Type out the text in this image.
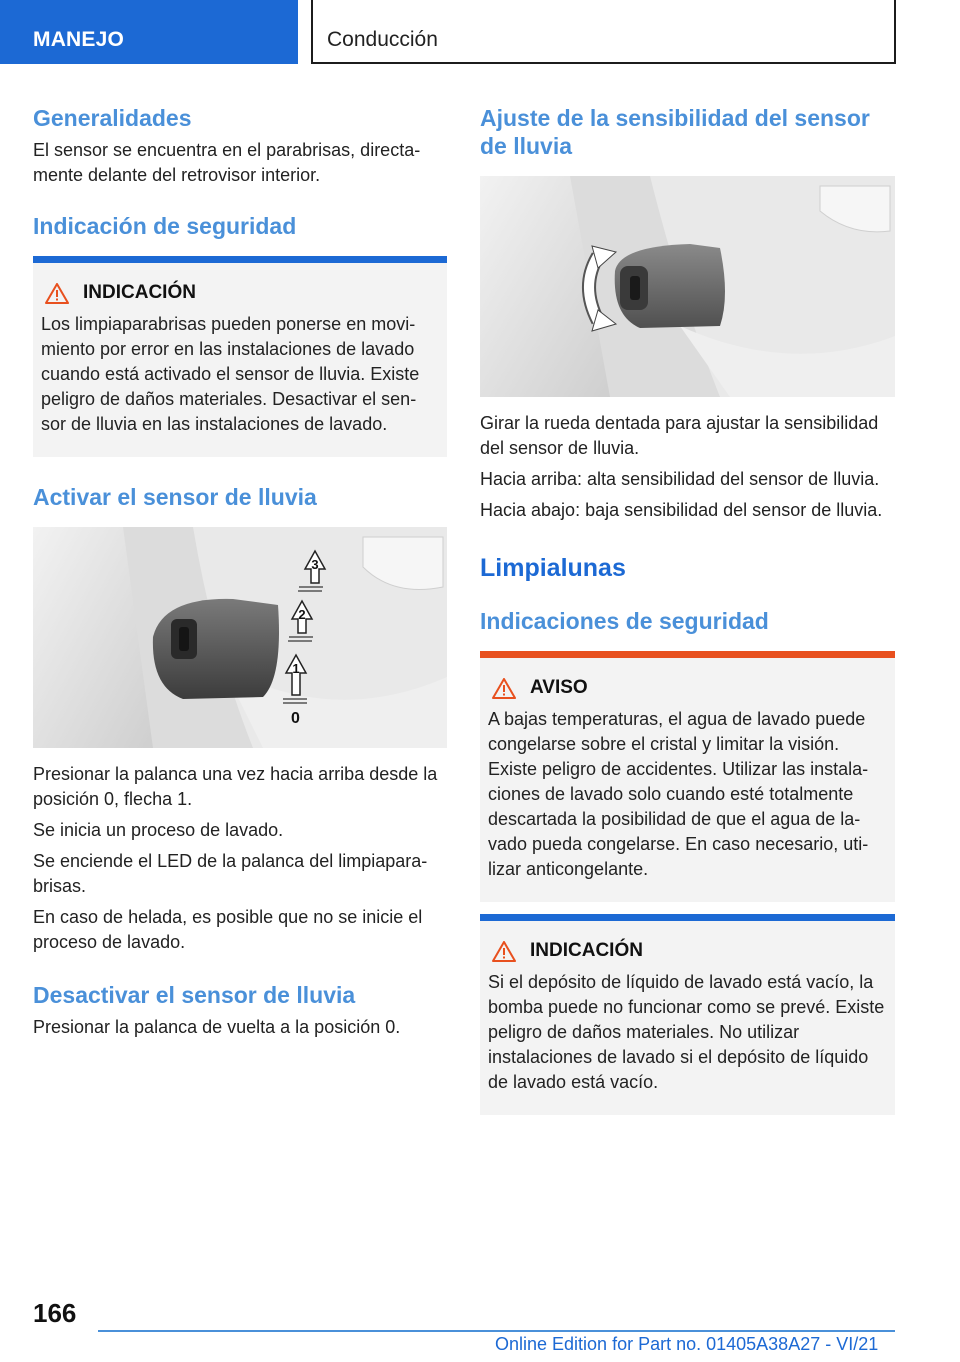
MANEJO	Conducción
Generalidades

El sensor se encuentra en el parabrisas, directa-mente delante del retrovisor interior.

Indicación de seguridad
INDICACIÓN

Los limpiaparabrisas pueden ponerse en movi-miento por error en las instalaciones de lavado cuando está activado el sensor de lluvia. Existe peligro de daños materiales. Desactivar el sen-sor de lluvia en las instalaciones de lavado.

Activar el sensor de lluvia
3
2
1
0

Presionar la palanca una vez hacia arriba desde la posición 0, flecha 1.

Se inicia un proceso de lavado.

Se enciende el LED de la palanca del limpiapara-brisas.

En caso de helada, es posible que no se inicie el proceso de lavado.

Desactivar el sensor de lluvia

Presionar la palanca de vuelta a la posición 0.

Ajuste de la sensibilidad del sensor de lluvia

Girar la rueda dentada para ajustar la sensibilidad del sensor de lluvia.

Hacia arriba: alta sensibilidad del sensor de lluvia.

Hacia abajo: baja sensibilidad del sensor de lluvia.

Limpialunas
Indicaciones de seguridad
AVISO

A bajas temperaturas, el agua de lavado puede congelarse sobre el cristal y limitar la visión. Existe peligro de accidentes. Utilizar las instala-ciones de lavado solo cuando esté totalmente descartada la posibilidad de que el agua de la-vado pueda congelarse. En caso necesario, uti-lizar anticongelante.

INDICACIÓN

Si el depósito de líquido de lavado está vacío, la bomba puede no funcionar como se prevé. Existe peligro de daños materiales. No utilizar instalaciones de lavado si el depósito de líquido de lavado está vacío.

166
Online Edition for Part no. 01405A38A27 - VI/21
